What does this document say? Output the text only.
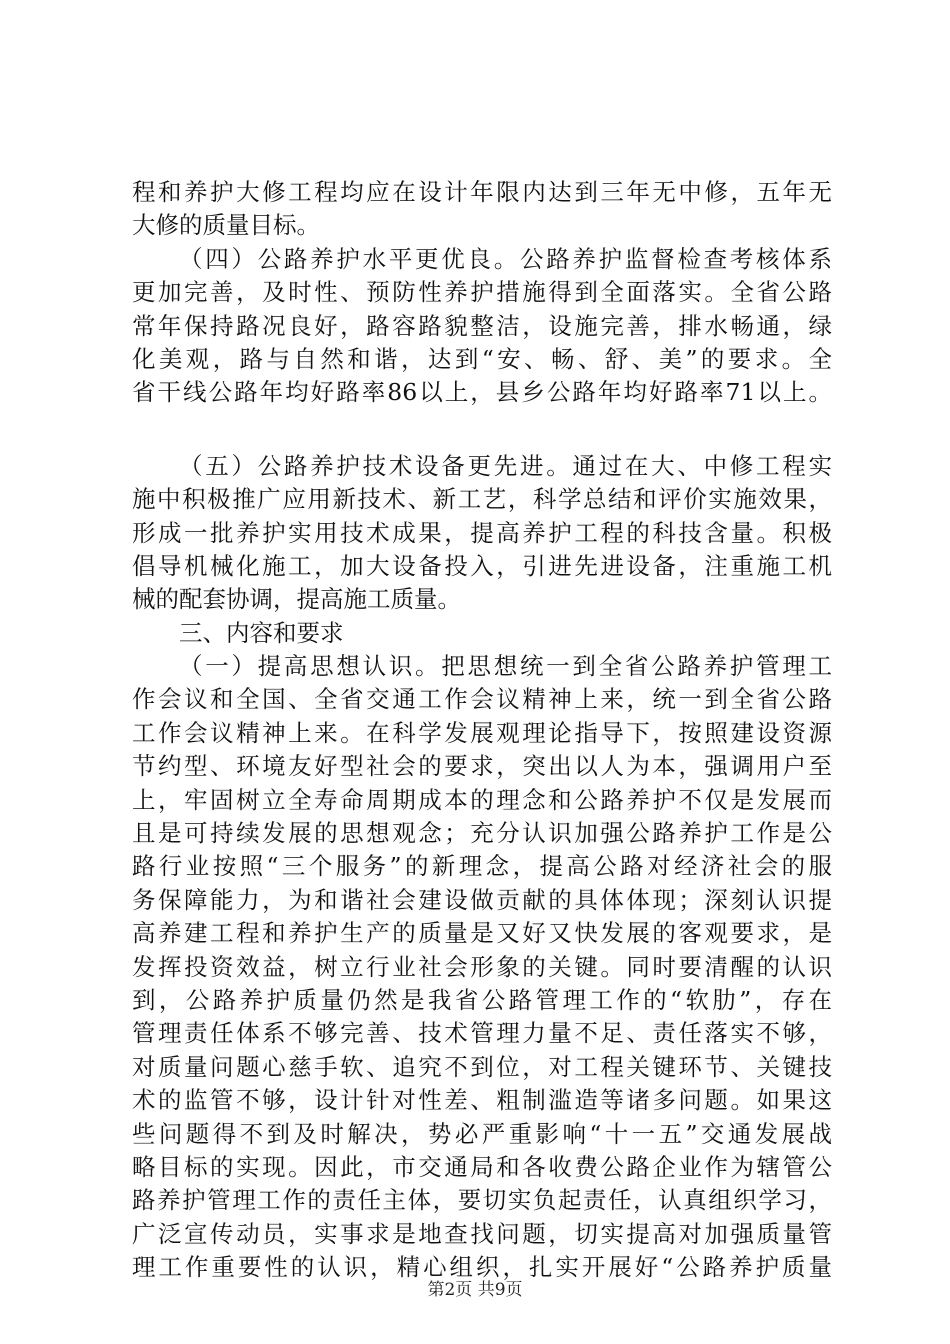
程和养护大修工程均应在设计年限内达到三年无中修，五年无
大修的质量目标。
（四）公路养护水平更优良。公路养护监督检查考核体系
更加完善，及时性、预防性养护措施得到全面落实。全省公路
常年保持路况良好，路容路貌整洁，设施完善，排水畅通，绿
化美观，路与自然和谐，达到“安、畅、舒、美”的要求。全
省干线公路年均好路率86以上，县乡公路年均好路率71以上。
（五）公路养护技术设备更先进。通过在大、中修工程实
施中积极推广应用新技术、新工艺，科学总结和评价实施效果，
形成一批养护实用技术成果，提高养护工程的科技含量。积极
倡导机械化施工，加大设备投入，引进先进设备，注重施工机
械的配套协调，提高施工质量。
三、内容和要求
（一）提高思想认识。把思想统一到全省公路养护管理工
作会议和全国、全省交通工作会议精神上来，统一到全省公路
工作会议精神上来。在科学发展观理论指导下，按照建设资源
节约型、环境友好型社会的要求，突出以人为本，强调用户至
上，牢固树立全寿命周期成本的理念和公路养护不仅是发展而
且是可持续发展的思想观念；充分认识加强公路养护工作是公
路行业按照“三个服务”的新理念，提高公路对经济社会的服
务保障能力，为和谐社会建设做贡献的具体体现；深刻认识提
高养建工程和养护生产的质量是又好又快发展的客观要求，是
发挥投资效益，树立行业社会形象的关键。同时要清醒的认识
到，公路养护质量仍然是我省公路管理工作的“软肋”，存在
管理责任体系不够完善、技术管理力量不足、责任落实不够，
对质量问题心慈手软、追究不到位，对工程关键环节、关键技
术的监管不够，设计针对性差、粗制滥造等诸多问题。如果这
些问题得不到及时解决，势必严重影响“十一五”交通发展战
略目标的实现。因此，市交通局和各收费公路企业作为辖管公
路养护管理工作的责任主体，要切实负起责任，认真组织学习，
广泛宣传动员，实事求是地查找问题，切实提高对加强质量管
理工作重要性的认识，精心组织，扎实开展好“公路养护质量
第2页 共9页
